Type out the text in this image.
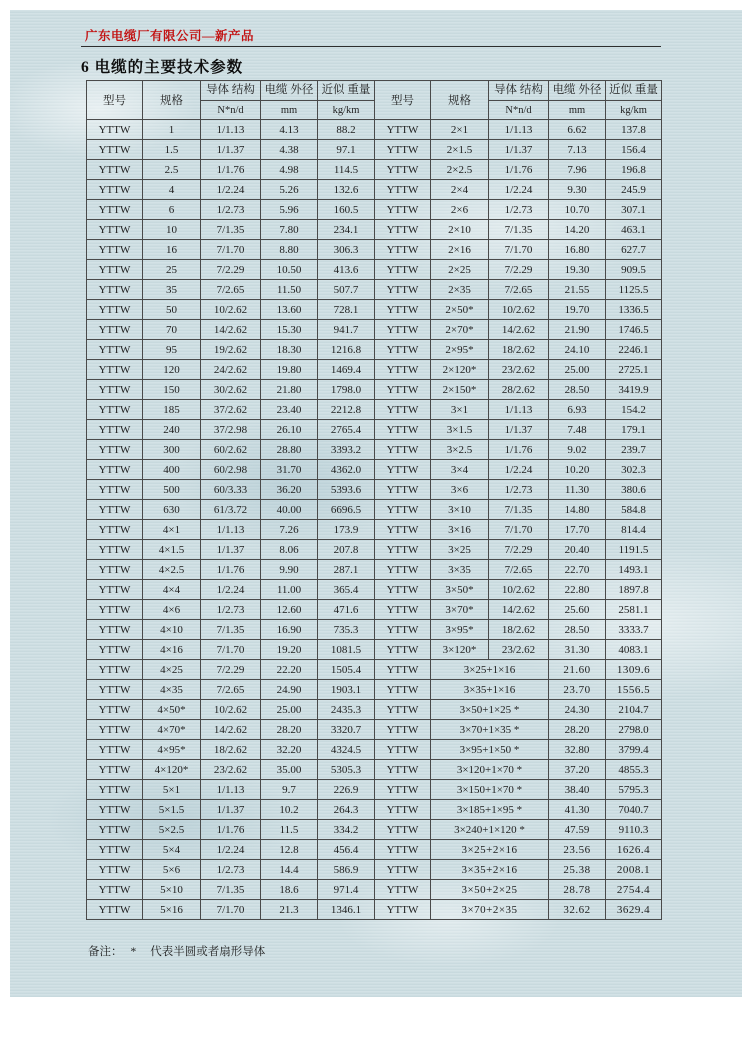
广东电缆厂有限公司—新产品
6 电缆的主要技术参数
型号	规格	导体 结构	电缆 外径	近似 重量	型号	规格	导体 结构	电缆 外径	近似 重量
		N*n/d	mm	kg/km			N*n/d	mm	kg/km
YTTW	1	1/1.13	4.13	88.2	YTTW	2×1	1/1.13	6.62	137.8
YTTW	1.5	1/1.37	4.38	97.1	YTTW	2×1.5	1/1.37	7.13	156.4
YTTW	2.5	1/1.76	4.98	114.5	YTTW	2×2.5	1/1.76	7.96	196.8
YTTW	4	1/2.24	5.26	132.6	YTTW	2×4	1/2.24	9.30	245.9
YTTW	6	1/2.73	5.96	160.5	YTTW	2×6	1/2.73	10.70	307.1
YTTW	10	7/1.35	7.80	234.1	YTTW	2×10	7/1.35	14.20	463.1
YTTW	16	7/1.70	8.80	306.3	YTTW	2×16	7/1.70	16.80	627.7
YTTW	25	7/2.29	10.50	413.6	YTTW	2×25	7/2.29	19.30	909.5
YTTW	35	7/2.65	11.50	507.7	YTTW	2×35	7/2.65	21.55	1125.5
YTTW	50	10/2.62	13.60	728.1	YTTW	2×50*	10/2.62	19.70	1336.5
YTTW	70	14/2.62	15.30	941.7	YTTW	2×70*	14/2.62	21.90	1746.5
YTTW	95	19/2.62	18.30	1216.8	YTTW	2×95*	18/2.62	24.10	2246.1
YTTW	120	24/2.62	19.80	1469.4	YTTW	2×120*	23/2.62	25.00	2725.1
YTTW	150	30/2.62	21.80	1798.0	YTTW	2×150*	28/2.62	28.50	3419.9
YTTW	185	37/2.62	23.40	2212.8	YTTW	3×1	1/1.13	6.93	154.2
YTTW	240	37/2.98	26.10	2765.4	YTTW	3×1.5	1/1.37	7.48	179.1
YTTW	300	60/2.62	28.80	3393.2	YTTW	3×2.5	1/1.76	9.02	239.7
YTTW	400	60/2.98	31.70	4362.0	YTTW	3×4	1/2.24	10.20	302.3
YTTW	500	60/3.33	36.20	5393.6	YTTW	3×6	1/2.73	11.30	380.6
YTTW	630	61/3.72	40.00	6696.5	YTTW	3×10	7/1.35	14.80	584.8
YTTW	4×1	1/1.13	7.26	173.9	YTTW	3×16	7/1.70	17.70	814.4
YTTW	4×1.5	1/1.37	8.06	207.8	YTTW	3×25	7/2.29	20.40	1191.5
YTTW	4×2.5	1/1.76	9.90	287.1	YTTW	3×35	7/2.65	22.70	1493.1
YTTW	4×4	1/2.24	11.00	365.4	YTTW	3×50*	10/2.62	22.80	1897.8
YTTW	4×6	1/2.73	12.60	471.6	YTTW	3×70*	14/2.62	25.60	2581.1
YTTW	4×10	7/1.35	16.90	735.3	YTTW	3×95*	18/2.62	28.50	3333.7
YTTW	4×16	7/1.70	19.20	1081.5	YTTW	3×120*	23/2.62	31.30	4083.1
YTTW	4×25	7/2.29	22.20	1505.4	YTTW	3×25+1×16		21.60	1309.6
YTTW	4×35	7/2.65	24.90	1903.1	YTTW	3×35+1×16		23.70	1556.5
YTTW	4×50*	10/2.62	25.00	2435.3	YTTW	3×50+1×25 *		24.30	2104.7
YTTW	4×70*	14/2.62	28.20	3320.7	YTTW	3×70+1×35 *		28.20	2798.0
YTTW	4×95*	18/2.62	32.20	4324.5	YTTW	3×95+1×50 *		32.80	3799.4
YTTW	4×120*	23/2.62	35.00	5305.3	YTTW	3×120+1×70 *		37.20	4855.3
YTTW	5×1	1/1.13	9.7	226.9	YTTW	3×150+1×70 *		38.40	5795.3
YTTW	5×1.5	1/1.37	10.2	264.3	YTTW	3×185+1×95 *		41.30	7040.7
YTTW	5×2.5	1/1.76	11.5	334.2	YTTW	3×240+1×120 *		47.59	9110.3
YTTW	5×4	1/2.24	12.8	456.4	YTTW	3×25+2×16		23.56	1626.4
YTTW	5×6	1/2.73	14.4	586.9	YTTW	3×35+2×16		25.38	2008.1
YTTW	5×10	7/1.35	18.6	971.4	YTTW	3×50+2×25		28.78	2754.4
YTTW	5×16	7/1.70	21.3	1346.1	YTTW	3×70+2×35		32.62	3629.4
备注： * 代表半圆或者扇形导体
